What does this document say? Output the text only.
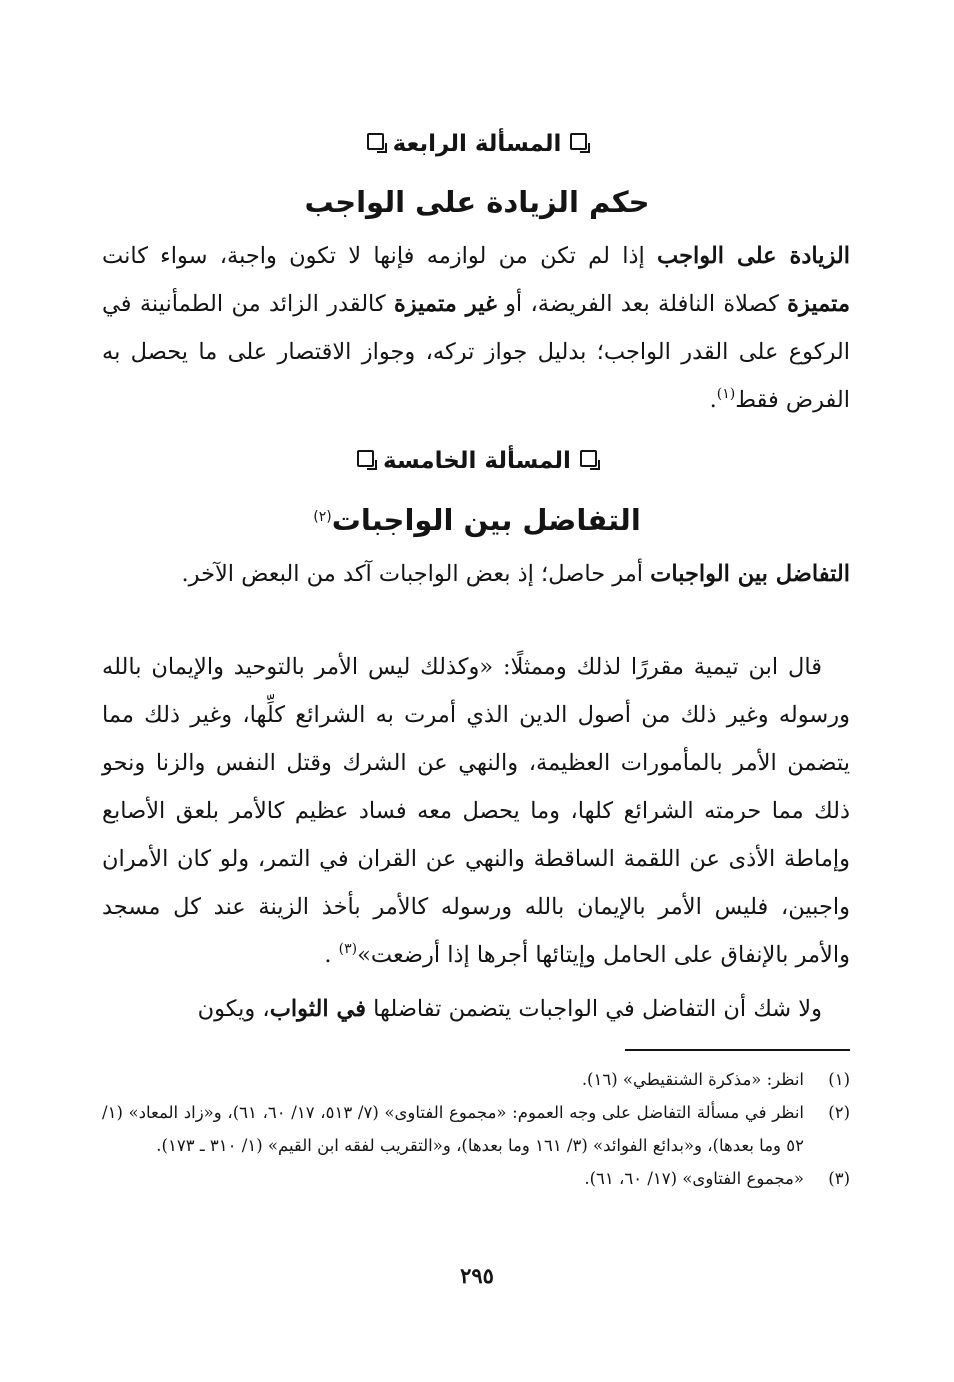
المسألة الرابعة
حكم الزيادة على الواجب
الزيادة على الواجب إذا لم تكن من لوازمه فإنها لا تكون واجبة، سواء كانت متميزة كصلاة النافلة بعد الفريضة، أو غير متميزة كالقدر الزائد من الطمأنينة في الركوع على القدر الواجب؛ بدليل جواز تركه، وجواز الاقتصار على ما يحصل به الفرض فقط$^{(١)}$.
المسألة الخامسة
التفاضل بين الواجبات$^{(٢)}$
التفاضل بين الواجبات أمر حاصل؛ إذ بعض الواجبات آكد من البعض الآخر.
قال ابن تيمية مقررًا لذلك وممثلًا: «وكذلك ليس الأمر بالتوحيد والإيمان بالله ورسوله وغير ذلك من أصول الدين الذي أمرت به الشرائع كلِّها، وغير ذلك مما يتضمن الأمر بالمأمورات العظيمة، والنهي عن الشرك وقتل النفس والزنا ونحو ذلك مما حرمته الشرائع كلها، وما يحصل معه فساد عظيم كالأمر بلعق الأصابع وإماطة الأذى عن اللقمة الساقطة والنهي عن القران في التمر، ولو كان الأمران واجبين، فليس الأمر بالإيمان بالله ورسوله كالأمر بأخذ الزينة عند كل مسجد والأمر بالإنفاق على الحامل وإيتائها أجرها إذا أرضعت»$^{(٣)}$ .
ولا شك أن التفاضل في الواجبات يتضمن تفاضلها في الثواب، ويكون
(١)
انظر: «مذكرة الشنقيطي» (١٦).
(٢)
انظر في مسألة التفاضل على وجه العموم: «مجموع الفتاوى» (٧/ ٥١٣، ١٧/ ٦٠، ٦١)، و«زاد المعاد» (١/ ٥٢ وما بعدها)، و«بدائع الفوائد» (٣/ ١٦١ وما بعدها)، و«التقريب لفقه ابن القيم» (١/ ٣١٠ ـ ١٧٣).
(٣)
«مجموع الفتاوى» (١٧/ ٦٠، ٦١).
٢٩٥
